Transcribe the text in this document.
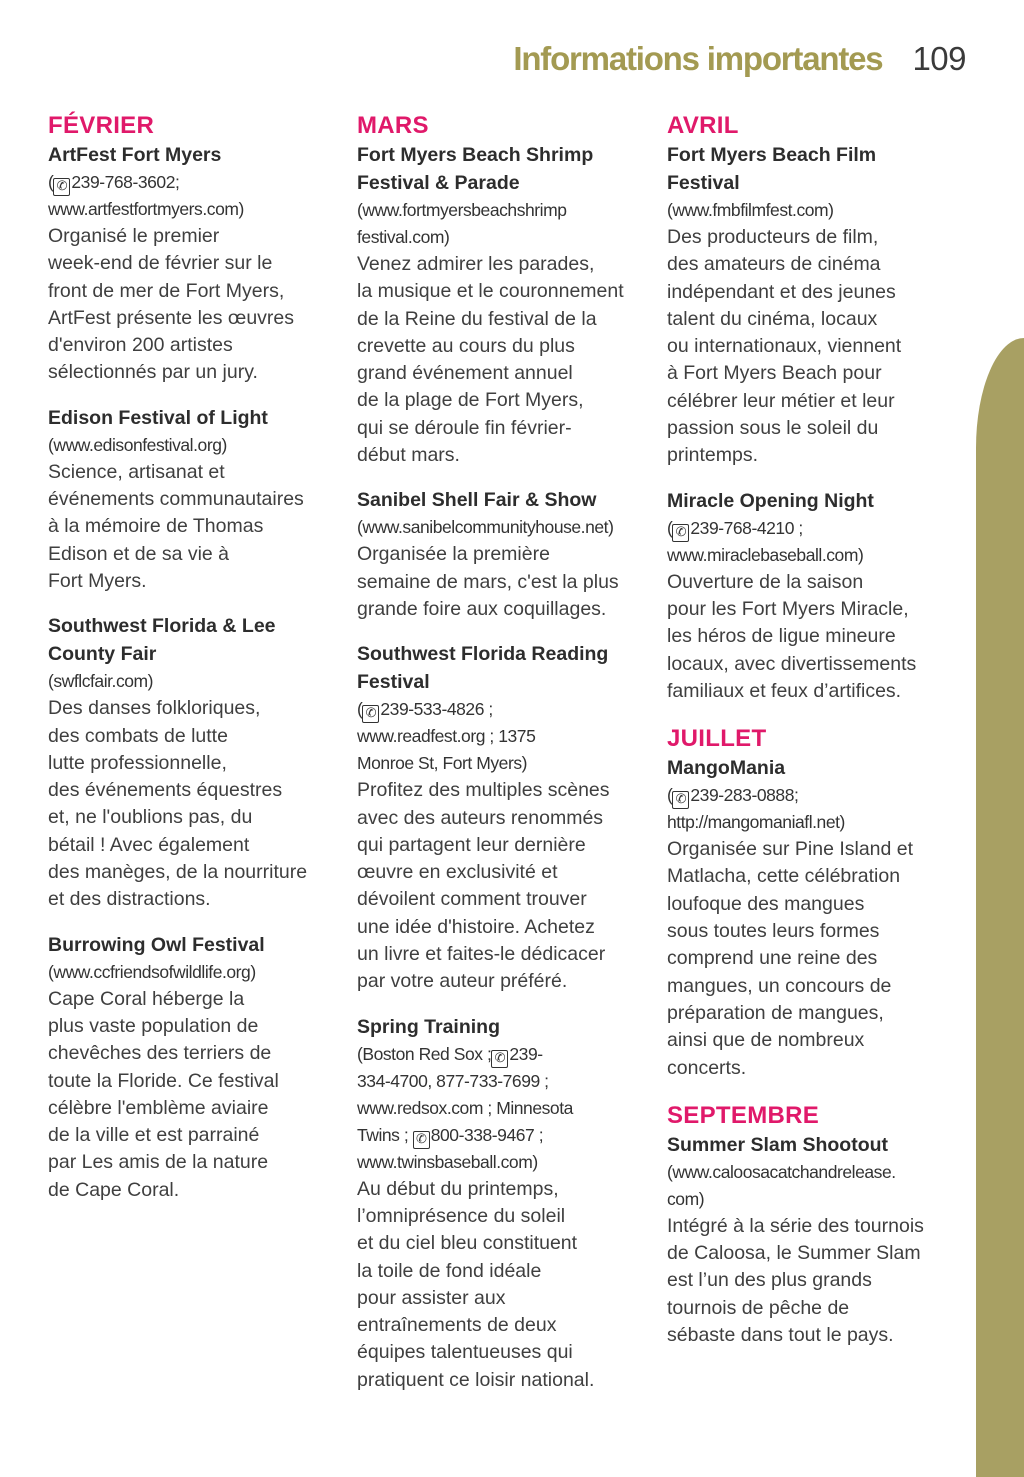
Informations importantes 109
FÉVRIER
ArtFest Fort Myers
( ✆ 239-768-3602;
www.artfestfortmyers.com)
Organisé le premier
week-end de février sur le
front de mer de Fort Myers,
ArtFest présente les œuvres
d'environ 200 artistes
sélectionnés par un jury.
Edison Festival of Light
(www.edisonfestival.org)
Science, artisanat et
événements communautaires
à la mémoire de Thomas
Edison et de sa vie à
Fort Myers.
Southwest Florida & Lee County Fair
(swflcfair.com)
Des danses folkloriques,
des combats de lutte
lutte professionnelle,
des événements équestres
et, ne l'oublions pas, du
bétail ! Avec également
des manèges, de la nourriture
et des distractions.
Burrowing Owl Festival
(www.ccfriendsofwildlife.org)
Cape Coral héberge la
plus vaste population de
chevêches des terriers de
toute la Floride. Ce festival
célèbre l'emblème aviaire
de la ville et est parrainé
par Les amis de la nature
de Cape Coral.
MARS
Fort Myers Beach Shrimp Festival & Parade
(www.fortmyersbeachshrimp
festival.com)
Venez admirer les parades,
la musique et le couronnement
de la Reine du festival de la
crevette au cours du plus
grand événement annuel
de la plage de Fort Myers,
qui se déroule fin février-
début mars.
Sanibel Shell Fair & Show
(www.sanibelcommunityhouse.net)
Organisée la première
semaine de mars, c'est la plus
grande foire aux coquillages.
Southwest Florida Reading Festival
( ✆ 239-533-4826 ;
www.readfest.org ; 1375
Monroe St, Fort Myers)
Profitez des multiples scènes
avec des auteurs renommés
qui partagent leur dernière
œuvre en exclusivité et
dévoilent comment trouver
une idée d'histoire. Achetez
un livre et faites-le dédicacer
par votre auteur préféré.
Spring Training
(Boston Red Sox ; ✆ 239-
334-4700, 877-733-7699 ;
www.redsox.com ; Minnesota
Twins ; ✆ 800-338-9467 ;
www.twinsbaseball.com)
Au début du printemps,
l’omniprésence du soleil
et du ciel bleu constituent
la toile de fond idéale
pour assister aux
entraînements de deux
équipes talentueuses qui
pratiquent ce loisir national.
AVRIL
Fort Myers Beach Film Festival
(www.fmbfilmfest.com)
Des producteurs de film,
des amateurs de cinéma
indépendant et des jeunes
talent du cinéma, locaux
ou internationaux, viennent
à Fort Myers Beach pour
célébrer leur métier et leur
passion sous le soleil du
printemps.
Miracle Opening Night
( ✆ 239-768-4210 ;
www.miraclebaseball.com)
Ouverture de la saison
pour les Fort Myers Miracle,
les héros de ligue mineure
locaux, avec divertissements
familiaux et feux d’artifices.
JUILLET
MangoMania
( ✆ 239-283-0888;
http://mangomaniafl.net)
Organisée sur Pine Island et
Matlacha, cette célébration
loufoque des mangues
sous toutes leurs formes
comprend une reine des
mangues, un concours de
préparation de mangues,
ainsi que de nombreux
concerts.
SEPTEMBRE
Summer Slam Shootout
(www.caloosacatchandrelease.
com)
Intégré à la série des tournois
de Caloosa, le Summer Slam
est l’un des plus grands
tournois de pêche de
sébaste dans tout le pays.
